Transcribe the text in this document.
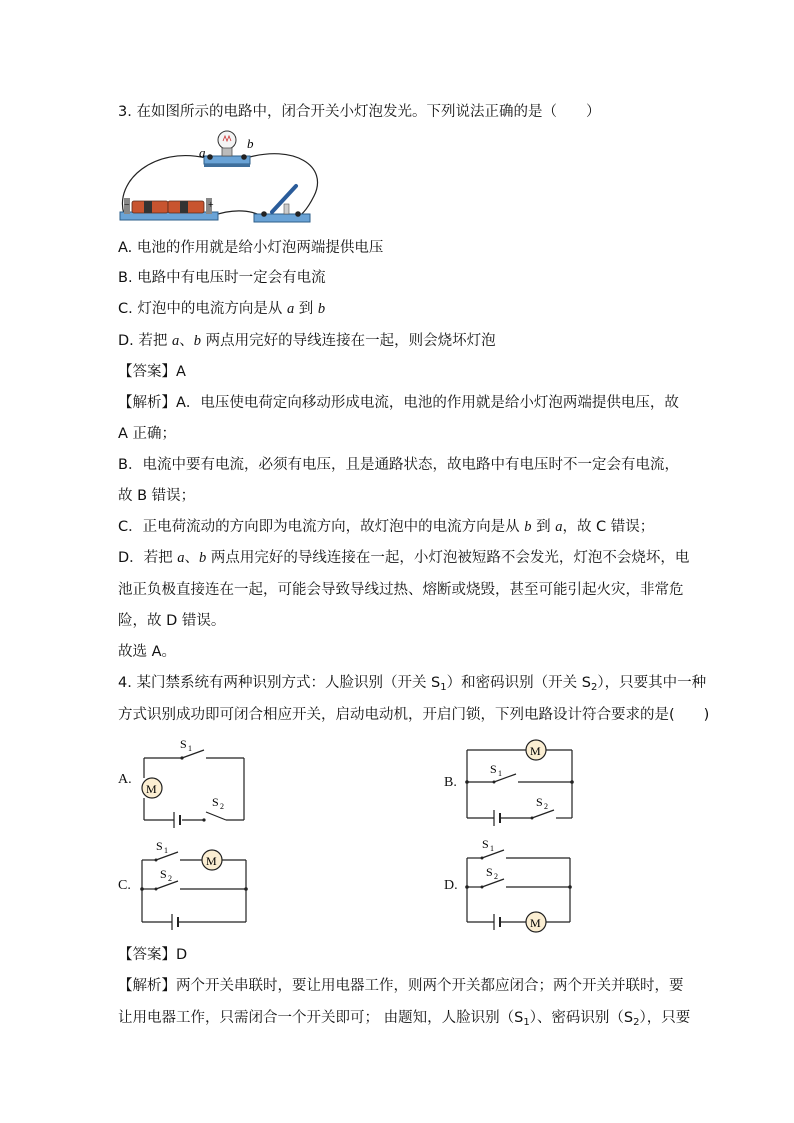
3. 在如图所示的电路中，闭合开关小灯泡发光。下列说法正确的是（　　）
a
b
−	+
A. 电池的作用就是给小灯泡两端提供电压
B. 电路中有电压时一定会有电流
C. 灯泡中的电流方向是从 a 到 b
D. 若把 a、b 两点用完好的导线连接在一起，则会烧坏灯泡
【答案】A
【解析】A．电压使电荷定向移动形成电流，电池的作用就是给小灯泡两端提供电压，故
A 正确；
B．电流中要有电流，必须有电压，且是通路状态，故电路中有电压时不一定会有电流，
故 B 错误；
C．正电荷流动的方向即为电流方向，故灯泡中的电流方向是从 b 到 a，故 C 错误；
D．若把 a、b 两点用完好的导线连接在一起，小灯泡被短路不会发光，灯泡不会烧坏，电
池正负极直接连在一起，可能会导致导线过热、熔断或烧毁，甚至可能引起火灾，非常危
险，故 D 错误。
故选 A。
4. 某门禁系统有两种识别方式：人脸识别（开关 $S_1$）和密码识别（开关 $S_2$），只要其中一种
方式识别成功即可闭合相应开关，启动电动机，开启门锁，下列电路设计符合要求的是(　　)
A.
M
S 1
S 2
B.
M
S 1
S 2
C.
M
S 1
S 2	D.
M
S 1
S 2
【答案】D
【解析】两个开关串联时，要让用电器工作，则两个开关都应闭合；两个开关并联时，要
让用电器工作，只需闭合一个开关即可； 由题知，人脸识别$(S_1)$、密码识别$(S_2)$，只要
